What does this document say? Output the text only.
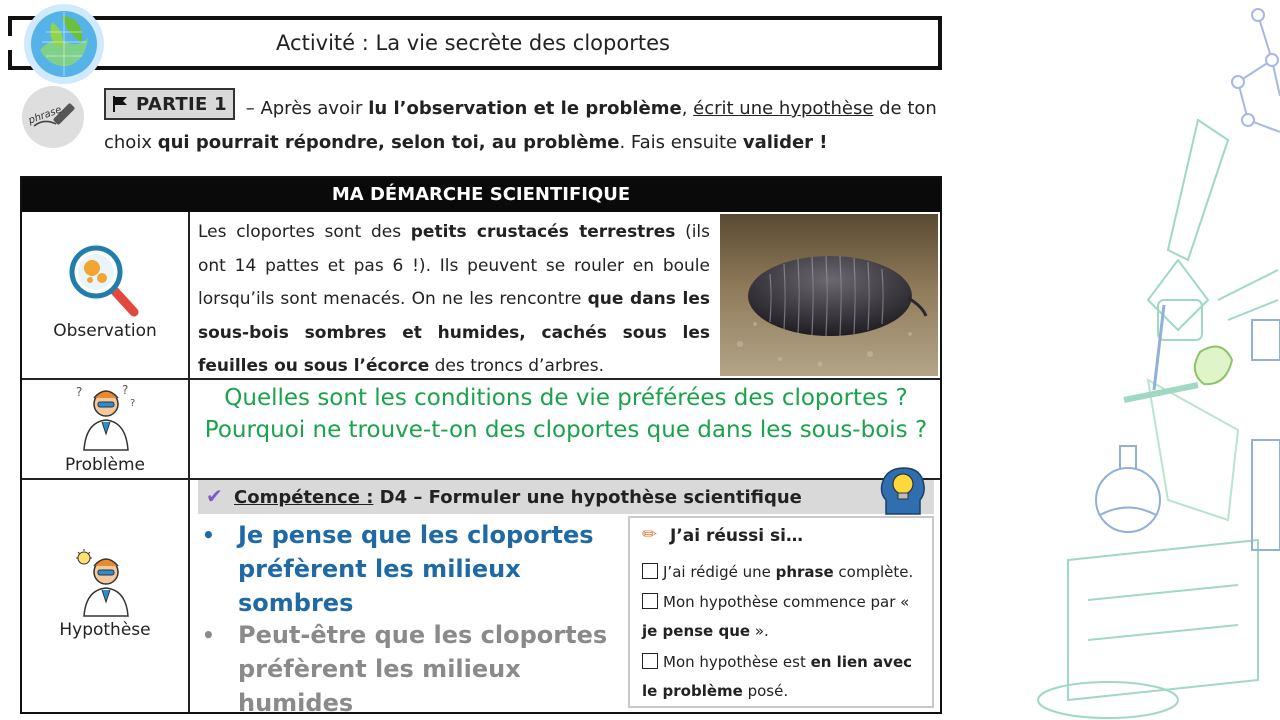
Activité : La vie secrète des cloportes
phrase	– Après avoir lu l’observation et le problème, écrit une hypothèse de ton choix qui pourrait répondre, selon toi, au problème. Fais ensuite valider !
PARTIE 1
MA DÉMARCHE SCIENTIFIQUE
Observation
Les cloportes sont des petits crustacés terrestres (ils ont 14 pattes et pas 6 !). Ils peuvent se rouler en boule lorsqu’ils sont menacés. On ne les rencontre que dans les sous-bois sombres et humides, cachés sous les feuilles ou sous l’écorce des troncs d’arbres.
?	?
?
Problème
Quelles sont les conditions de vie préférées des cloportes ?
Pourquoi ne trouve-t-on des cloportes que dans les sous-bois ?
Hypothèse
✔ Compétence : D4 – Formuler une hypothèse scientifique
• Je pense que les cloportes préfèrent les milieux sombres
• Peut-être que les cloportes préfèrent les milieux humides
✏ J’ai réussi si…
J’ai rédigé une phrase complète.
Mon hypothèse commence par « je pense que ».
Mon hypothèse est en lien avec le problème posé.
